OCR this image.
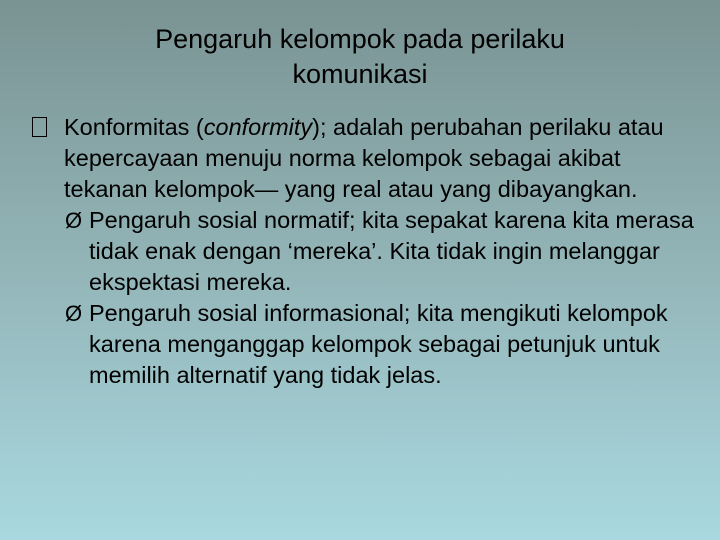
Pengaruh kelompok pada perilaku
komunikasi
Konformitas (conformity); adalah perubahan perilaku atau kepercayaan menuju norma kelompok sebagai akibat tekanan kelompok— yang real atau yang dibayangkan.
Ø Pengaruh sosial normatif; kita sepakat karena kita merasa tidak enak dengan ‘mereka’. Kita tidak ingin melanggar ekspektasi mereka.
Ø Pengaruh sosial informasional; kita mengikuti kelompok karena menganggap kelompok sebagai petunjuk untuk memilih alternatif yang tidak jelas.
